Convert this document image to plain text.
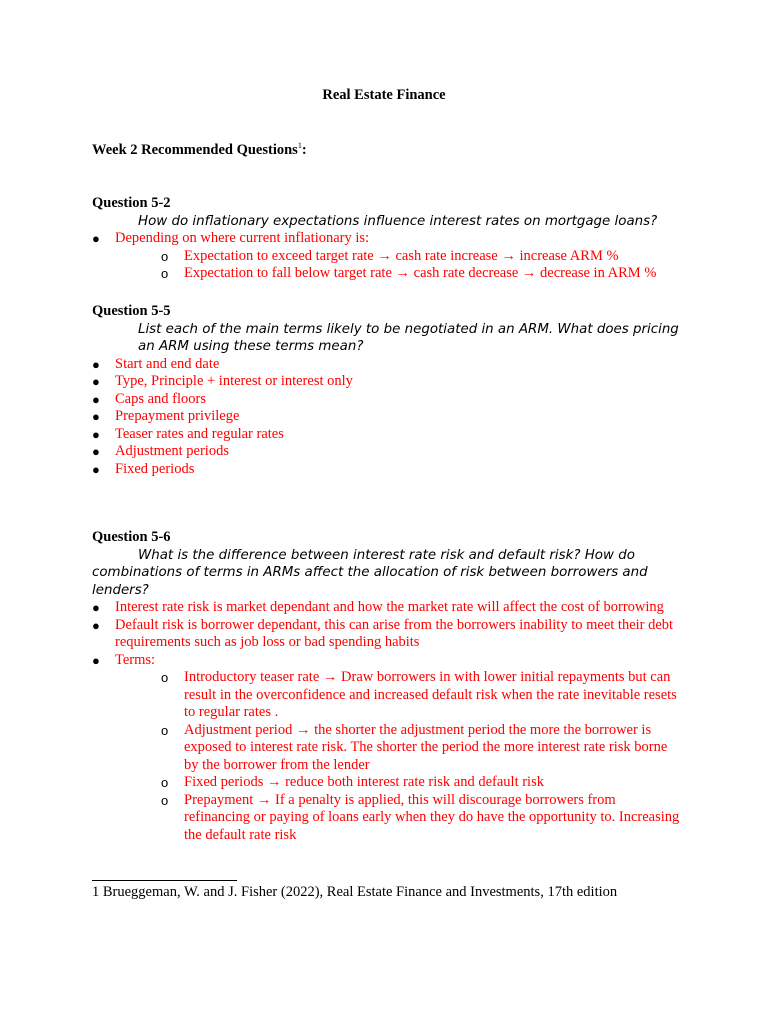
Real Estate Finance
Week 2 Recommended Questions$^1$:
Question 5-2
How do inflationary expectations influence interest rates on mortgage loans?
● Depending on where current inflationary is:
o Expectation to exceed target rate → cash rate increase → increase ARM %
o Expectation to fall below target rate → cash rate decrease → decrease in ARM %
Question 5-5
List each of the main terms likely to be negotiated in an ARM. What does pricing an ARM using these terms mean?
● Start and end date
● Type, Principle + interest or interest only
● Caps and floors
● Prepayment privilege
● Teaser rates and regular rates
● Adjustment periods
● Fixed periods
Question 5-6
What is the difference between interest rate risk and default risk? How do combinations of terms in ARMs affect the allocation of risk between borrowers and lenders?
● Interest rate risk is market dependant and how the market rate will affect the cost of borrowing
● Default risk is borrower dependant, this can arise from the borrowers inability to meet their debt requirements such as job loss or bad spending habits
● Terms:
o Introductory teaser rate → Draw borrowers in with lower initial repayments but can result in the overconfidence and increased default risk when the rate inevitable resets to regular rates .
o Adjustment period → the shorter the adjustment period the more the borrower is exposed to interest rate risk. The shorter the period the more interest rate risk borne by the borrower from the lender
o Fixed periods → reduce both interest rate risk and default risk
o Prepayment → If a penalty is applied, this will discourage borrowers from refinancing or paying of loans early when they do have the opportunity to. Increasing the default rate risk
1 Brueggeman, W. and J. Fisher (2022), Real Estate Finance and Investments, 17th edition
